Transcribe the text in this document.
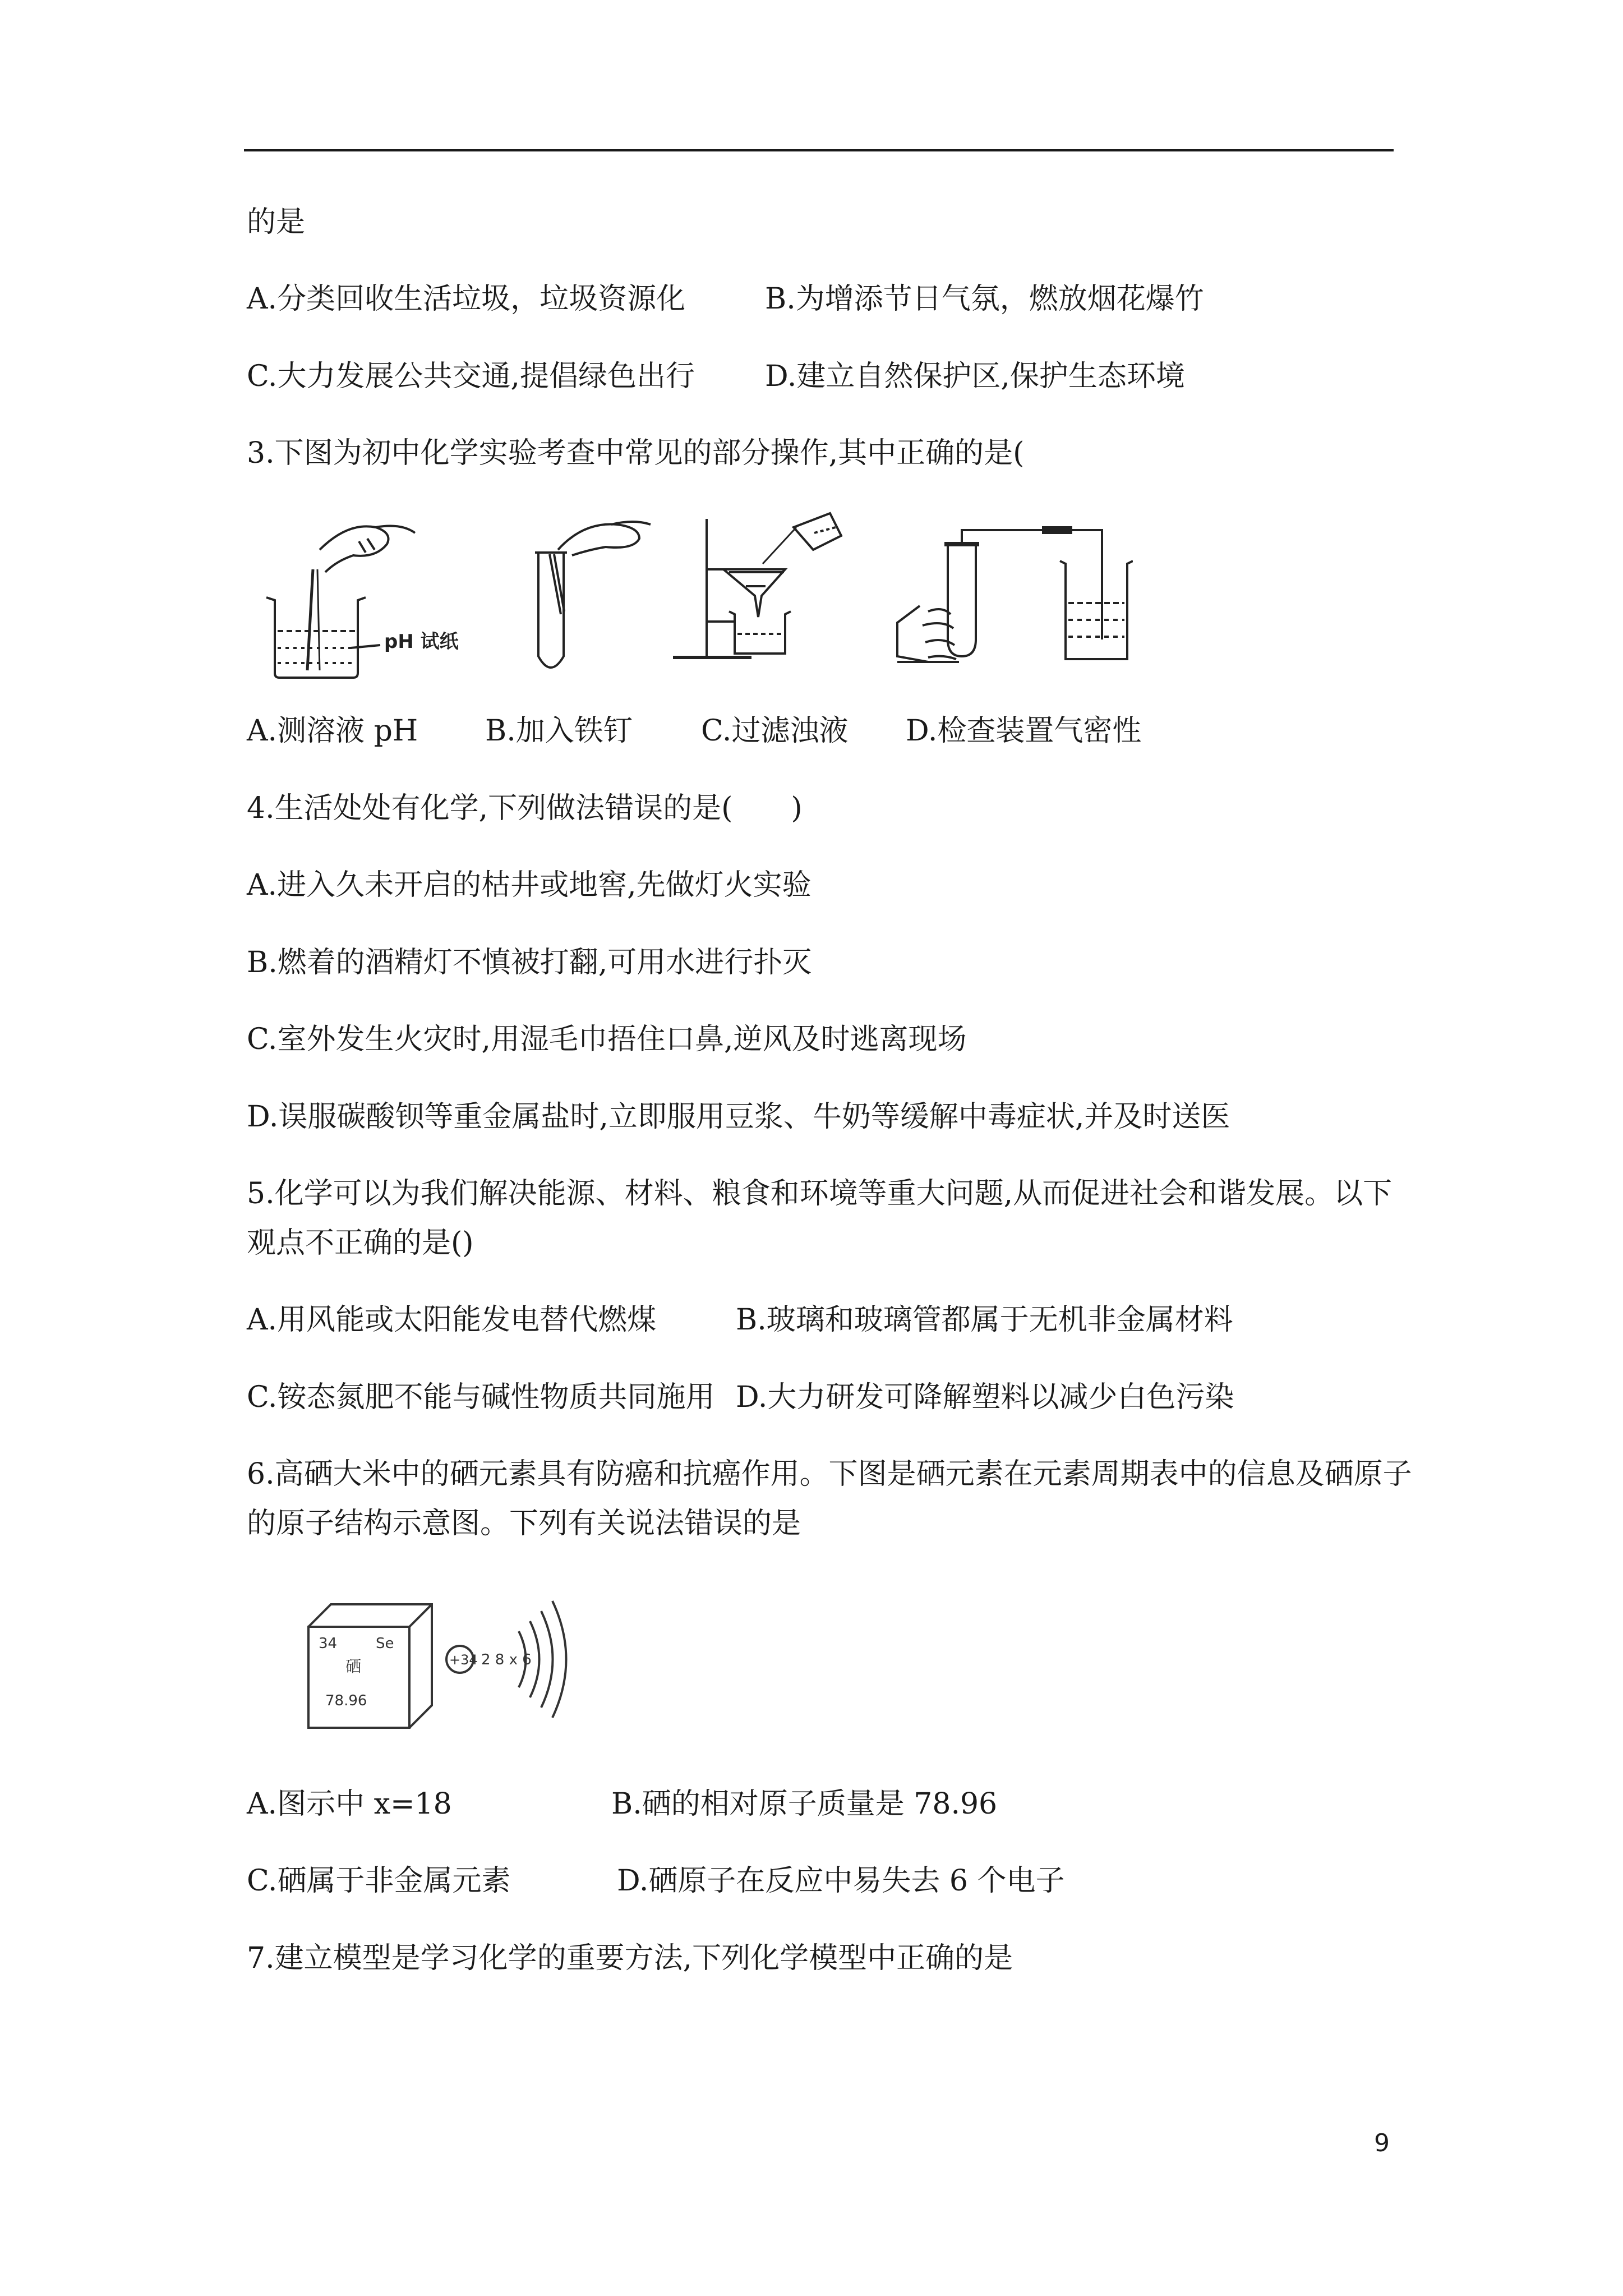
的是
A.分类回收生活垃圾，垃圾资源化	B.为增添节日气氛，燃放烟花爆竹
C.大力发展公共交通,提倡绿色出行 D.建立自然保护区,保护生态环境
3.下图为初中化学实验考查中常见的部分操作,其中正确的是(
pH 试纸
A.测溶液 pH B.加入铁钉 C.过滤浊液 D.检查装置气密性
4.生活处处有化学,下列做法错误的是(　　)
A.进入久未开启的枯井或地窖,先做灯火实验
B.燃着的酒精灯不慎被打翻,可用水进行扑灭
C.室外发生火灾时,用湿毛巾捂住口鼻,逆风及时逃离现场
D.误服碳酸钡等重金属盐时,立即服用豆浆、牛奶等缓解中毒症状,并及时送医
5.化学可以为我们解决能源、材料、粮食和环境等重大问题,从而促进社会和谐发展。以下
观点不正确的是()
A.用风能或太阳能发电替代燃煤	B.玻璃和玻璃管都属于无机非金属材料
C.铵态氮肥不能与碱性物质共同施用 D.大力研发可降解塑料以减少白色污染
6.高硒大米中的硒元素具有防癌和抗癌作用。下图是硒元素在元素周期表中的信息及硒原子
的原子结构示意图。下列有关说法错误的是
34	Se
硒
78.96
+34 2 8 x 6
A.图示中 x=18	B.硒的相对原子质量是 78.96
C.硒属于非金属元素	D.硒原子在反应中易失去 6 个电子
7.建立模型是学习化学的重要方法,下列化学模型中正确的是
9
